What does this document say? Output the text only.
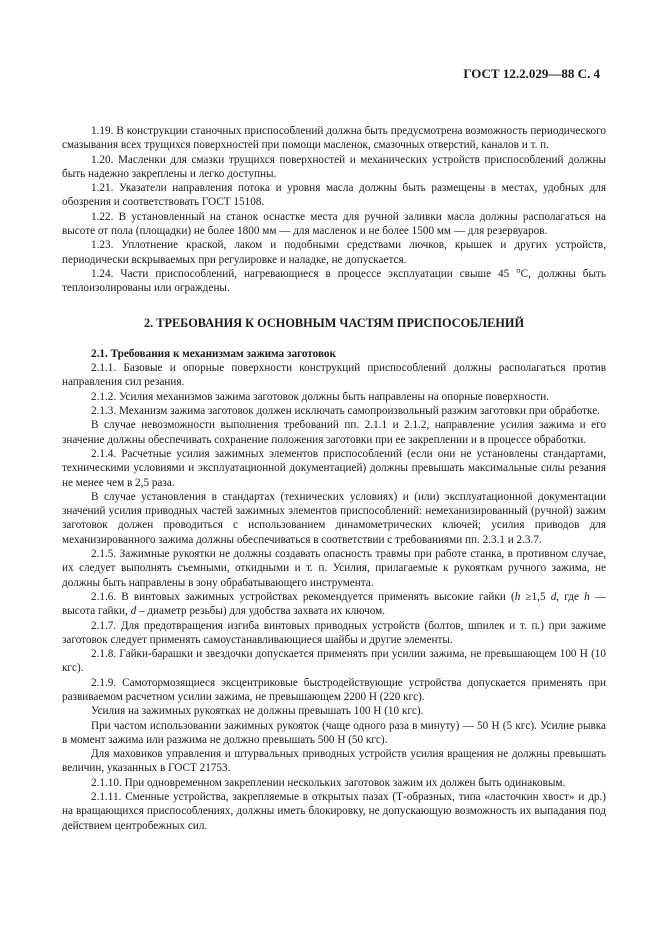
ГОСТ 12.2.029—88 С. 4

1.19. В конструкции станочных приспособлений должна быть предусмотрена возможность периодического смазывания всех трущихся поверхностей при помощи масленок, смазочных отверстий, каналов и т. п.

1.20. Масленки для смазки трущихся поверхностей и механических устройств приспособлений должны быть надежно закреплены и легко доступны.

1.21. Указатели направления потока и уровня масла должны быть размещены в местах, удобных для обозрения и соответствовать ГОСТ 15108.

1.22. В установленный на станок оснастке места для ручной заливки масла должны располагаться на высоте от пола (площадки) не более 1800 мм — для масленок и не более 1500 мм — для резервуаров.

1.23. Уплотнение краской, лаком и подобными средствами лючков, крышек и других устройств, периодически вскрываемых при регулировке и наладке, не допускается.

1.24. Части приспособлений, нагревающиеся в процессе эксплуатации свыше 45 °С, должны быть теплоизолированы или ограждены.

2. ТРЕБОВАНИЯ К ОСНОВНЫМ ЧАСТЯМ ПРИСПОСОБЛЕНИЙ

2.1. Требования к механизмам зажима заготовок

2.1.1. Базовые и опорные поверхности конструкций приспособлений должны располагаться против направления сил резания.

2.1.2. Усилия механизмов зажима заготовок должны быть направлены на опорные поверхности.

2.1.3. Механизм зажима заготовок должен исключать самопроизвольный разжим заготовки при обработке.

В случае невозможности выполнения требований пп. 2.1.1 и 2.1.2, направление усилия зажима и его значение должны обеспечивать сохранение положения заготовки при ее закреплении и в процессе обработки.

2.1.4. Расчетные усилия зажимных элементов приспособлений (если они не установлены стандартами, техническими условиями и эксплуатационной документацией) должны превышать максимальные силы резания не менее чем в 2,5 раза.

В случае установления в стандартах (технических условиях) и (или) эксплуатационной документации значений усилия приводных частей зажимных элементов приспособлений: немеханизированный (ручной) зажим заготовок должен проводиться с использованием динамометрических ключей; усилия приводов для механизированного зажима должны обеспечиваться в соответствии с требованиями пп. 2.3.1 и 2.3.7.

2.1.5. Зажимные рукоятки не должны создавать опасность травмы при работе станка, в противном случае, их следует выполнять съемными, откидными и т. п. Усилия, прилагаемые к рукояткам ручного зажима, не должны быть направлены в зону обрабатывающего инструмента.

2.1.6. В винтовых зажимных устройствах рекомендуется применять высокие гайки (h ≥1,5 d, где h — высота гайки, d – диаметр резьбы) для удобства захвата их ключом.

2.1.7. Для предотвращения изгиба винтовых приводных устройств (болтов, шпилек и т. п.) при зажиме заготовок следует применять самоустанавливающиеся шайбы и другие элементы.

2.1.8. Гайки-барашки и звездочки допускается применять при усилии зажима, не превышающем 100 Н (10 кгс).

2.1.9. Самотормозящиеся эксцентриковые быстродействующие устройства допускается применять при развиваемом расчетном усилии зажима, не превышающем 2200 Н (220 кгс).

Усилия на зажимных рукоятках не должны превышать 100 Н (10 кгс).

При частом использовании зажимных рукояток (чаще одного раза в минуту) — 50 Н (5 кгс). Усилие рывка в момент зажима или разжима не должно превышать 500 Н (50 кгс).

Для маховиков управления и штурвальных приводных устройств усилия вращения не должны превышать величин, указанных в ГОСТ 21753.

2.1.10. При одновременном закреплении нескольких заготовок зажим их должен быть одинаковым.

2.1.11. Сменные устройства, закрепляемые в открытых пазах (Т-образных, типа «ласточкин хвост» и др.) на вращающихся приспособлениях, должны иметь блокировку, не допускающую возможность их выпадания под действием центробежных сил.
